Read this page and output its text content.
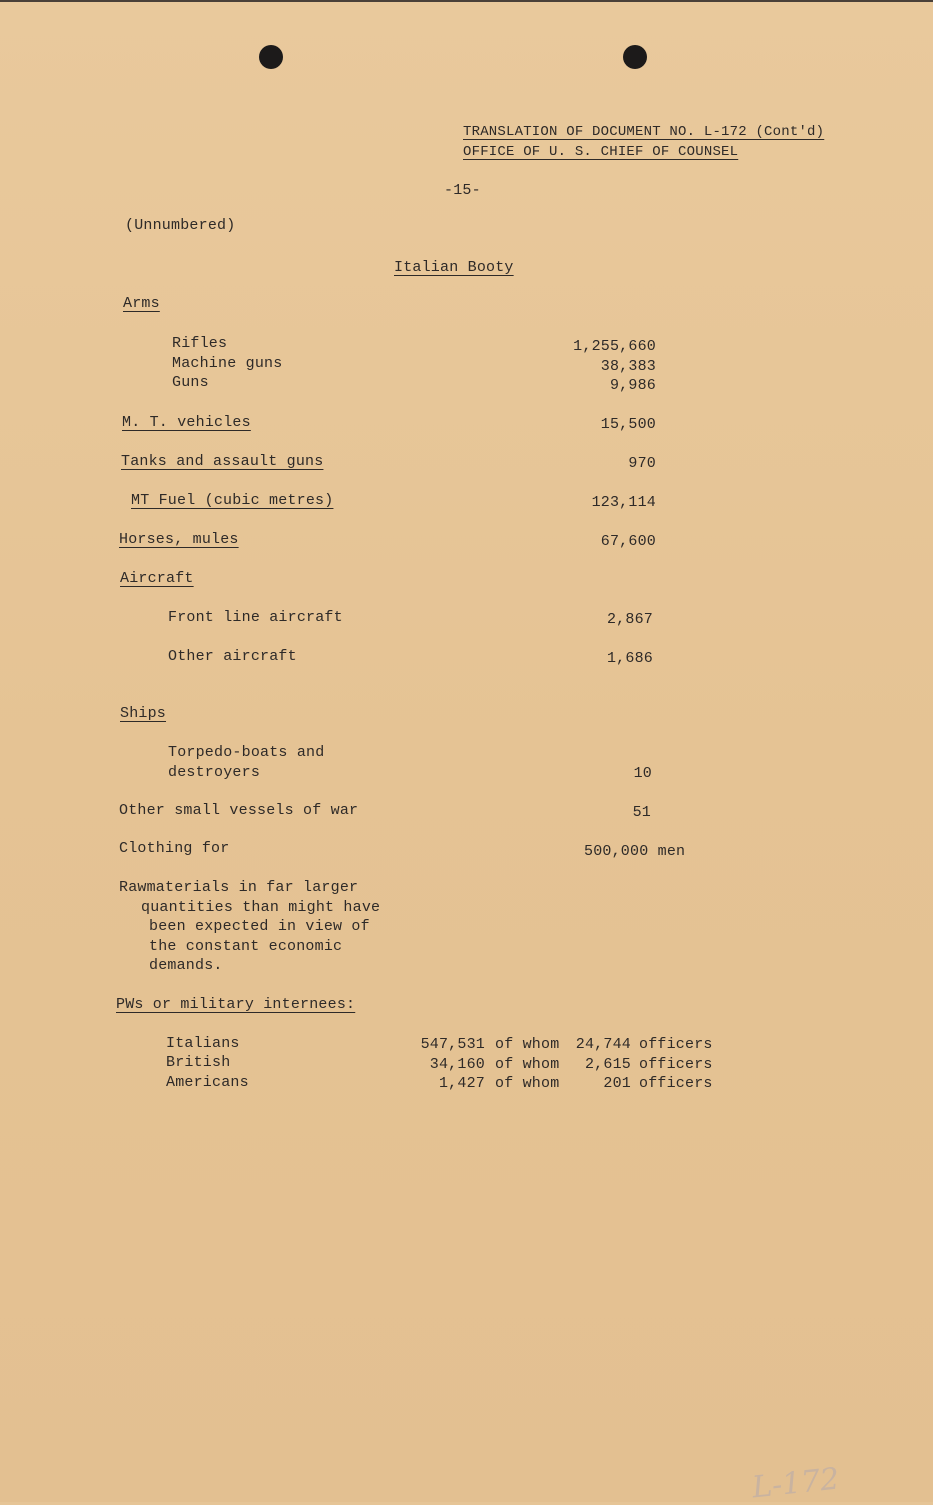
TRANSLATION OF DOCUMENT NO. L-172 (Cont'd)
OFFICE OF U. S. CHIEF OF COUNSEL
-15-
(Unnumbered)
Italian Booty
Arms
Rifles	1,255,660
Machine guns	38,383
Guns	9,986
M. T. vehicles	15,500
Tanks and assault guns	970
MT Fuel (cubic metres)	123,114
Horses, mules	67,600
Aircraft
Front line aircraft	2,867
Other aircraft	1,686
Ships
Torpedo-boats and
destroyers	10
Other small vessels of war	51
Clothing for	500,000 men
Rawmaterials in far larger
quantities than might have
been expected in view of
the constant economic
demands.
PWs or military internees:
Italians	547,531 of whom	24,744 officers
British	34,160 of whom	2,615 officers
Americans	1,427 of whom	201 officers
L-172
